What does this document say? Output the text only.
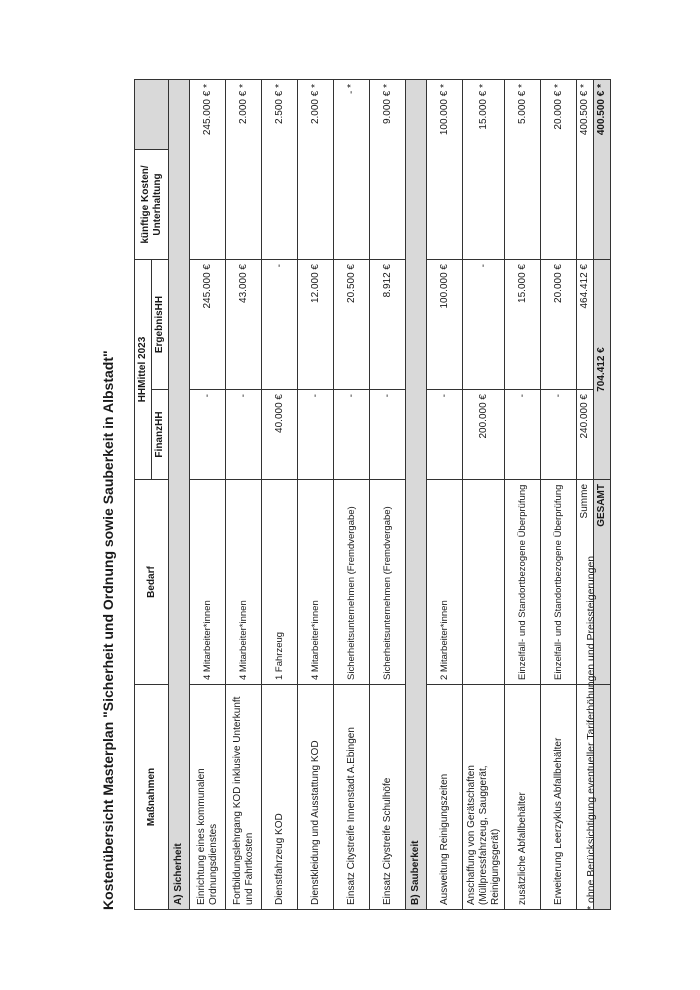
Kostenübersicht Masterplan "Sicherheit und Ordnung sowie Sauberkeit in Albstadt"	Maßnahmen	Bedarf	HHMittel 2023		künftige Kosten/ Unterhaltung	
		FinanzHH	ErgebnisHH		
A) Sicherheit					
Einrichtung eines kommunalen Ordnungsdienstes	4 Mitarbeiter*innen	-	245.000 €	245.000 € *	
Fortbildungslehrgang KOD inklusive Unterkunft und Fahrtkosten	4 Mitarbeiter*innen	-	43.000 €	2.000 € *	
Dienstfahrzeug KOD	1 Fahrzeug	40.000 €	-	2.500 € *	
Dienstkleidung und Ausstattung KOD	4 Mitarbeiter*innen	-	12.000 €	2.000 € *	
Einsatz Citystreife Innenstadt A.Ebingen	Sicherheitsunternehmen (Fremdvergabe)	-	20.500 €	- *	
Einsatz Citystreife Schulhöfe	Sicherheitsunternehmen (Fremdvergabe)	-	8.912 €	9.000 € *	
B) Sauberkeit					
Ausweitung Reinigungszeiten	2 Mitarbeiter*innen	-	100.000 €	100.000 € *	
Anschaffung von Gerätschaften (Müllpressfahrzeug, Sauggerät, Reinigungsgerät)		200.000 €	-	15.000 € *	
zusätzliche Abfallbehälter	Einzelfall- und Standortbezogene Überprüfung	-	15.000 €	5.000 € *	
Erweiterung Leerzyklus Abfallbehälter	Einzelfall- und Standortbezogene Überprüfung	-	20.000 €	20.000 € *	
	Summe	240.000 €	464.412 €	400.500 € *	
	GESAMT	704.412 €		400.500 € *	
* ohne Berücksichtigung eventueller Tariferhöhungen und Preissteigerungen
